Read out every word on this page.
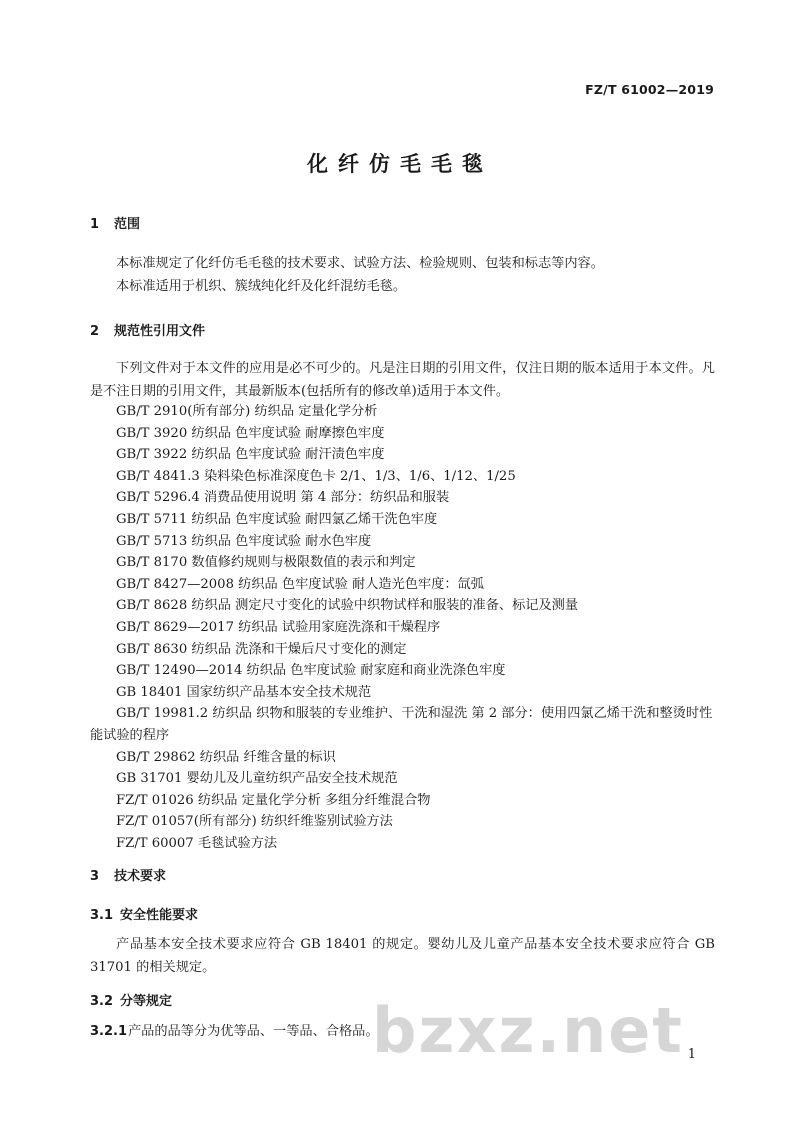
FZ/T 61002—2019
化纤仿毛毛毯
1 范围
本标准规定了化纤仿毛毛毯的技术要求、试验方法、检验规则、包装和标志等内容。
本标准适用于机织、簇绒纯化纤及化纤混纺毛毯。
2 规范性引用文件
下列文件对于本文件的应用是必不可少的。凡是注日期的引用文件，仅注日期的版本适用于本文件。凡是不注日期的引用文件，其最新版本(包括所有的修改单)适用于本文件。
GB/T 2910(所有部分) 纺织品 定量化学分析
GB/T 3920 纺织品 色牢度试验 耐摩擦色牢度
GB/T 3922 纺织品 色牢度试验 耐汗渍色牢度
GB/T 4841.3 染料染色标准深度色卡 2/1、1/3、1/6、1/12、1/25
GB/T 5296.4 消费品使用说明 第 4 部分：纺织品和服装
GB/T 5711 纺织品 色牢度试验 耐四氯乙烯干洗色牢度
GB/T 5713 纺织品 色牢度试验 耐水色牢度
GB/T 8170 数值修约规则与极限数值的表示和判定
GB/T 8427—2008 纺织品 色牢度试验 耐人造光色牢度：氙弧
GB/T 8628 纺织品 测定尺寸变化的试验中织物试样和服装的准备、标记及测量
GB/T 8629—2017 纺织品 试验用家庭洗涤和干燥程序
GB/T 8630 纺织品 洗涤和干燥后尺寸变化的测定
GB/T 12490—2014 纺织品 色牢度试验 耐家庭和商业洗涤色牢度
GB 18401 国家纺织产品基本安全技术规范
GB/T 19981.2 纺织品 织物和服装的专业维护、干洗和湿洗 第 2 部分：使用四氯乙烯干洗和整烫时性能试验的程序
GB/T 29862 纺织品 纤维含量的标识
GB 31701 婴幼儿及儿童纺织产品安全技术规范
FZ/T 01026 纺织品 定量化学分析 多组分纤维混合物
FZ/T 01057(所有部分) 纺织纤维鉴别试验方法
FZ/T 60007 毛毯试验方法
3 技术要求
3.1 安全性能要求
产品基本安全技术要求应符合 GB 18401 的规定。婴幼儿及儿童产品基本安全技术要求应符合 GB 31701 的相关规定。
3.2 分等规定
3.2.1产品的品等分为优等品、一等品、合格品。
bzxz.net 1
